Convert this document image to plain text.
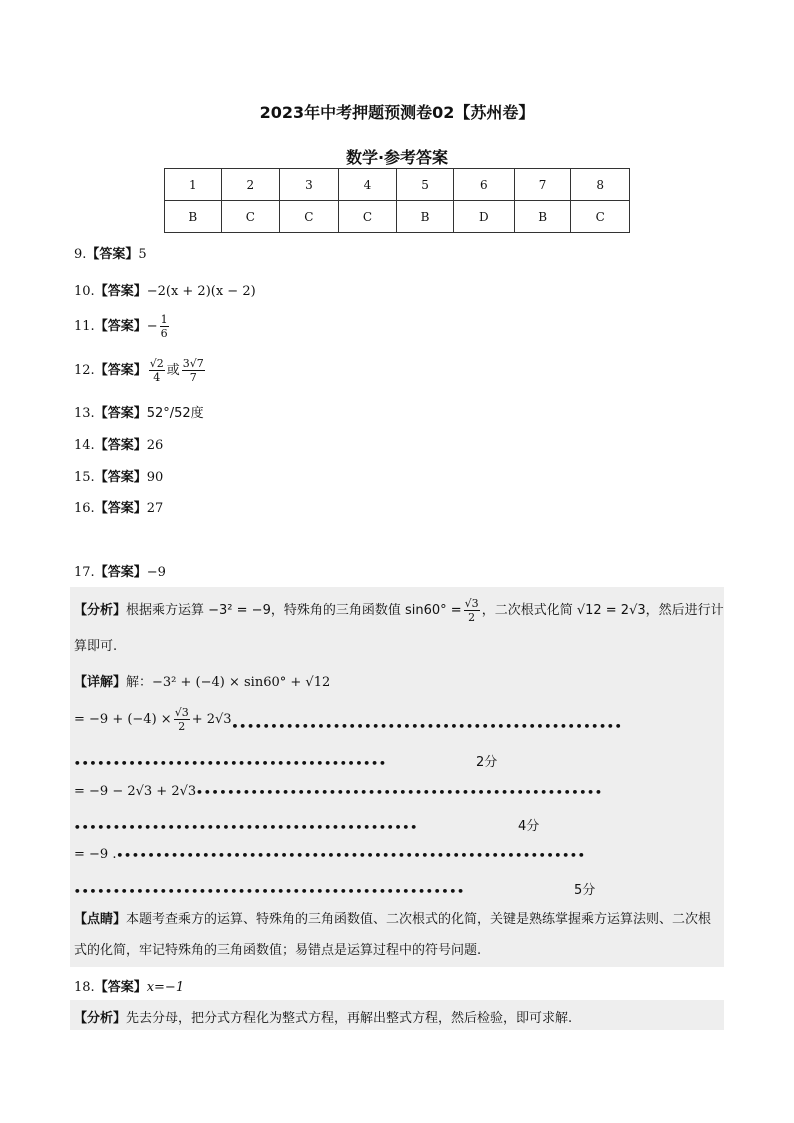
2023年中考押题预测卷02【苏州卷】
数学·参考答案
1	2	3	4	5	6	7	8
B	C	C	C	B	D	B	C
9.【答案】5
10.【答案】−2(x + 2)(x − 2)
11.【答案】− $\frac{1}{6}$
12.【答案】 $\frac{√2}{4}$ 或 $\frac{3√7}{7}$
13.【答案】52°/52度
14.【答案】26
15.【答案】90
16.【答案】27
17.【答案】−9
【分析】根据乘方运算 −3² = −9，特殊角的三角函数值 $\sin 60^\circ = \frac{√3}{2}$ ，二次根式化简 √12 = 2√3，然后进行计
算即可.
【详解】解：−3² + (−4) × sin60° + √12
= $-9 + (-4) \times \frac{√3}{2}$ + 2√3••••••••••••••••••••••••••••••••••••••••••••••••••
••••••••••••••••••••••••••••••••••••••••	2分
= −9 − 2√3 + 2√3••••••••••••••••••••••••••••••••••••••••••••••••••••
••••••••••••••••••••••••••••••••••••••••••••	4分
= −9 .••••••••••••••••••••••••••••••••••••••••••••••••••••••••••••
••••••••••••••••••••••••••••••••••••••••••••••••••	5分
【点睛】本题考查乘方的运算、特殊角的三角函数值、二次根式的化简，关键是熟练掌握乘方运算法则、二次根式的化简，牢记特殊角的三角函数值；易错点是运算过程中的符号问题.
18.【答案】x=−1
【分析】先去分母，把分式方程化为整式方程，再解出整式方程，然后检验，即可求解.
